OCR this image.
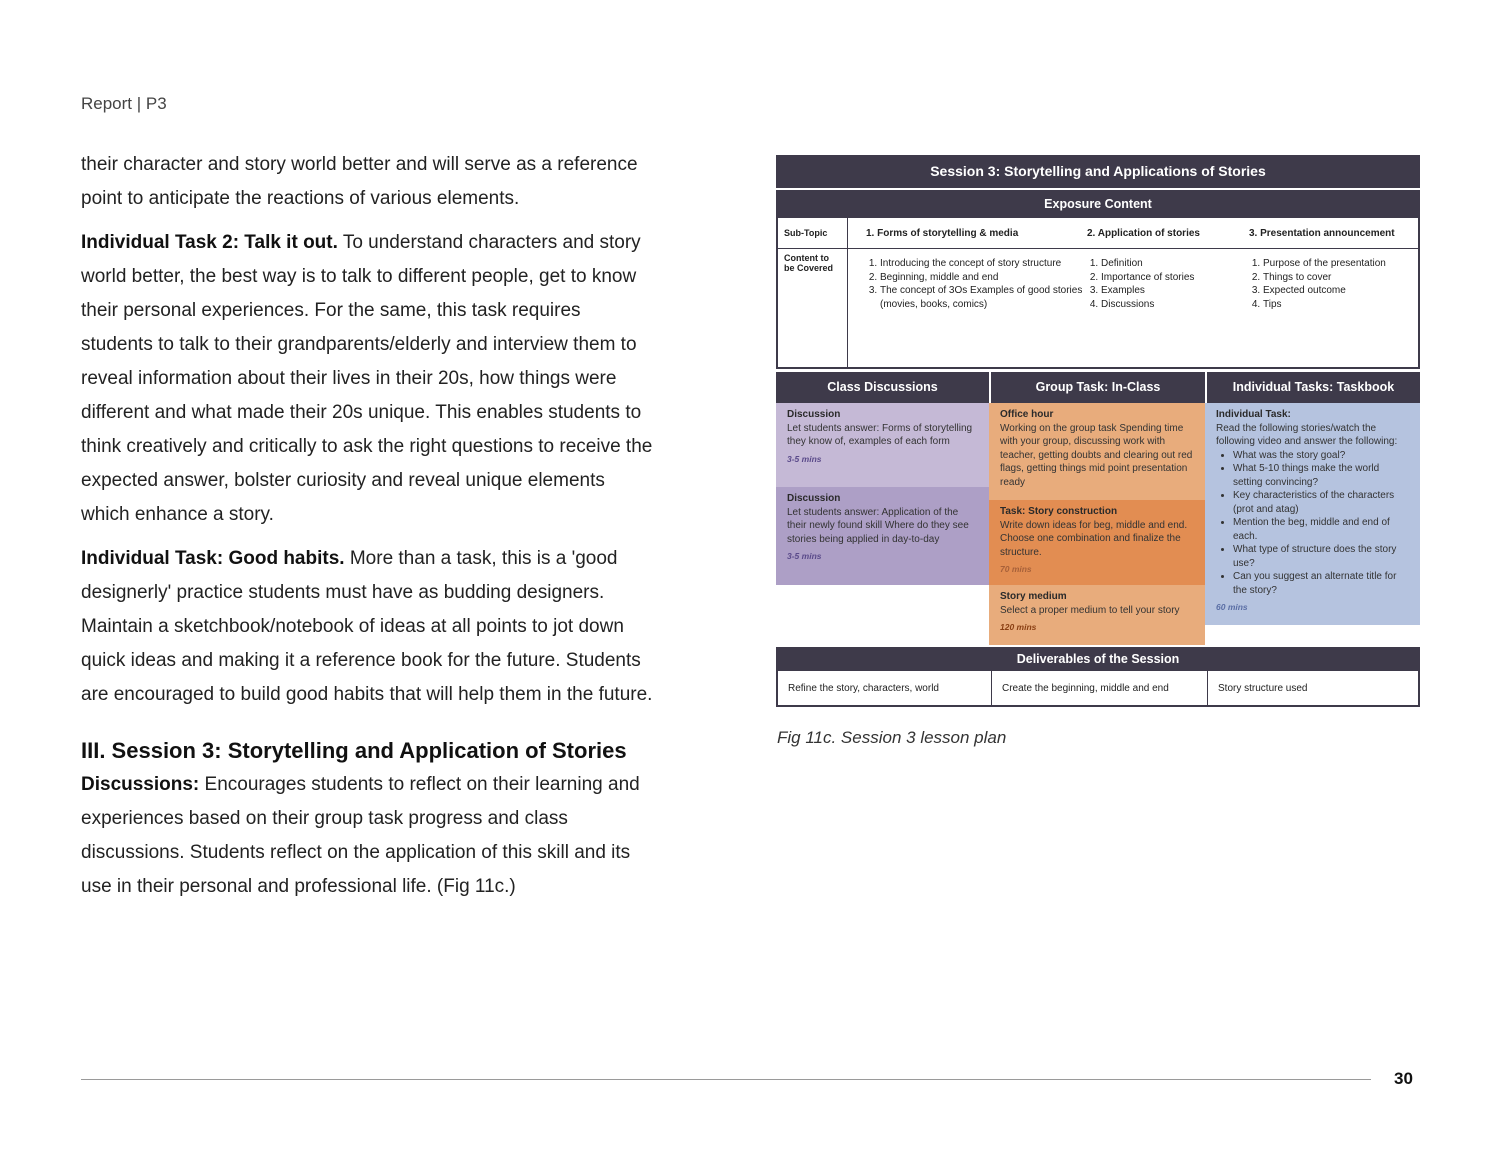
Report | P3

their character and story world better and will serve as a reference point to anticipate the reactions of various elements.

Individual Task 2: Talk it out. To understand characters and story world better, the best way is to talk to different people, get to know their personal experiences. For the same, this task requires students to talk to their grandparents/elderly and interview them to reveal information about their lives in their 20s, how things were different and what made their 20s unique. This enables students to think creatively and critically to ask the right questions to receive the expected answer, bolster curiosity and reveal unique elements which enhance a story.

Individual Task: Good habits. More than a task, this is a 'good designerly' practice students must have as budding designers. Maintain a sketchbook/notebook of ideas at all points to jot down quick ideas and making it a reference book for the future. Students are encouraged to build good habits that will help them in the future.

III. Session 3: Storytelling and Application of Stories

Discussions: Encourages students to reflect on their learning and experiences based on their group task progress and class discussions. Students reflect on the application of this skill and its use in their personal and professional life. (Fig 11c.)

Session 3: Storytelling and Applications of Stories
Exposure Content
Sub-Topic	1. Forms of storytelling & media	2. Application of stories	3. Presentation announcement
Content to be Covered
1.	Introducing the concept of story structure
2. Beginning, middle and end
3. The concept of 3Os Examples of good stories (movies, books, comics)
1. Definition
2. Importance of stories
3. Examples
4. Discussions
1. Purpose of the presentation
2. Things to cover
3. Expected outcome
4. Tips
Class Discussions	Group Task: In-Class	Individual Tasks: Taskbook
Discussion
Let students answer: Forms of storytelling they know of, examples of each form
3-5 mins
Discussion
Let students answer: Application of the their newly found skill Where do they see stories being applied in day-to-day
3-5 mins
Office hour
Working on the group task Spending time with your group, discussing work with teacher, getting doubts and clearing out red flags, getting things mid point presentation ready
Task: Story construction
Write down ideas for beg, middle and end. Choose one combination and finalize the structure.
70 mins
Story medium
Select a proper medium to tell your story
120 mins
Individual Task:
Read the following stories/watch the following video and answer the following:
• What was the story goal?
• What 5-10 things make the world setting convincing?
• Key characteristics of the characters (prot and atag)
• Mention the beg, middle and end of each.
• What type of structure does the story use?
• Can you suggest an alternate title for the story?
60 mins
Deliverables of the Session
Refine the story, characters, world	Create the beginning, middle and end	Story structure used
Fig 11c. Session 3 lesson plan
30
